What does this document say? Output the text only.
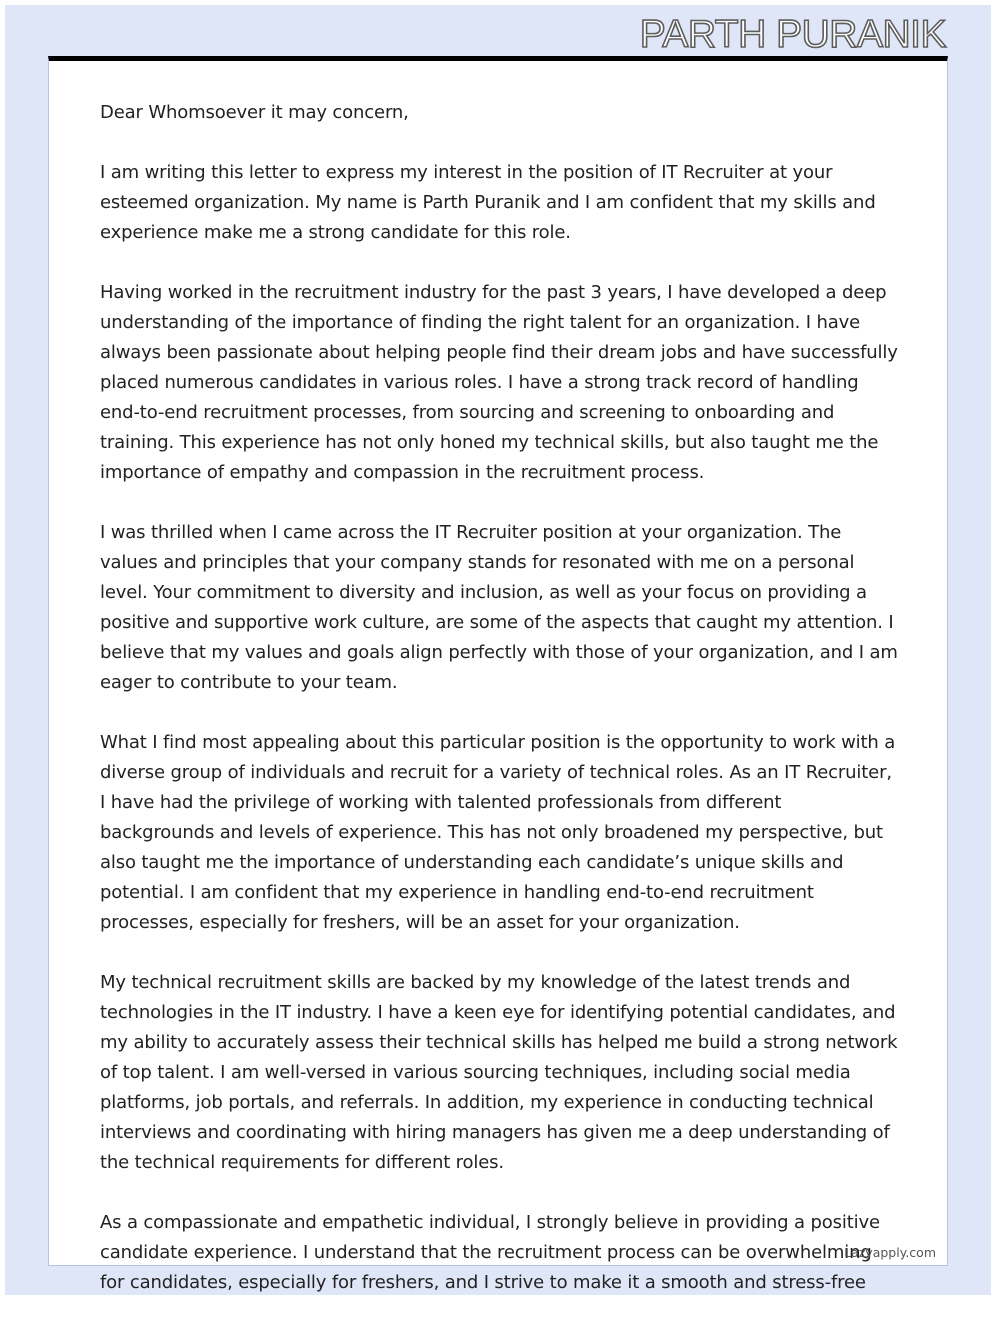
PARTH PURANIK

Dear Whomsoever it may concern,

I am writing this letter to express my interest in the position of IT Recruiter at your esteemed organization. My name is Parth Puranik and I am confident that my skills and experience make me a strong candidate for this role.

Having worked in the recruitment industry for the past 3 years, I have developed a deep understanding of the importance of finding the right talent for an organization. I have always been passionate about helping people find their dream jobs and have successfully placed numerous candidates in various roles. I have a strong track record of handling end-to-end recruitment processes, from sourcing and screening to onboarding and training. This experience has not only honed my technical skills, but also taught me the importance of empathy and compassion in the recruitment process.

I was thrilled when I came across the IT Recruiter position at your organization. The values and principles that your company stands for resonated with me on a personal level. Your commitment to diversity and inclusion, as well as your focus on providing a positive and supportive work culture, are some of the aspects that caught my attention. I believe that my values and goals align perfectly with those of your organization, and I am eager to contribute to your team.

What I find most appealing about this particular position is the opportunity to work with a diverse group of individuals and recruit for a variety of technical roles. As an IT Recruiter, I have had the privilege of working with talented professionals from different backgrounds and levels of experience. This has not only broadened my perspective, but also taught me the importance of understanding each candidate’s unique skills and potential. I am confident that my experience in handling end-to-end recruitment processes, especially for freshers, will be an asset for your organization.

My technical recruitment skills are backed by my knowledge of the latest trends and technologies in the IT industry. I have a keen eye for identifying potential candidates, and my ability to accurately assess their technical skills has helped me build a strong network of top talent. I am well-versed in various sourcing techniques, including social media platforms, job portals, and referrals. In addition, my experience in conducting technical interviews and coordinating with hiring managers has given me a deep understanding of the technical requirements for different roles.

As a compassionate and empathetic individual, I strongly believe in providing a positive candidate experience. I understand that the recruitment process can be overwhelming for candidates, especially for freshers, and I strive to make it a smooth and stress-free

Lazyapply.com
